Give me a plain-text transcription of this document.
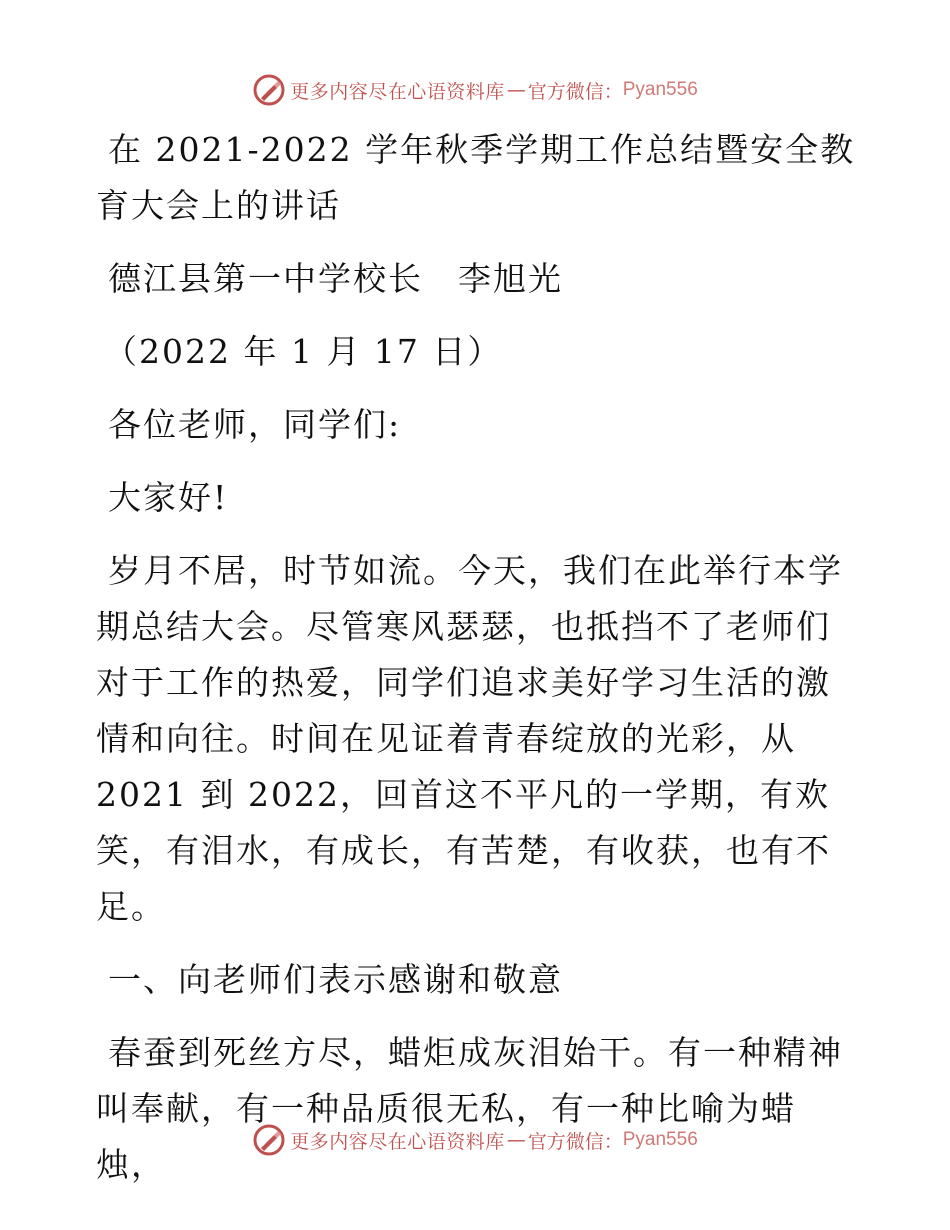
更多内容尽在心语资料库 — 官方微信： Pyan556

在 2021-2022 学年秋季学期工作总结暨安全教育大会上的讲话

德江县第一中学校长　李旭光

（2022 年 1 月 17 日）

各位老师，同学们:

大家好!

岁月不居，时节如流。今天，我们在此举行本学期总结大会。尽管寒风瑟瑟，也抵挡不了老师们对于工作的热爱，同学们追求美好学习生活的激情和向往。时间在见证着青春绽放的光彩，从 2021 到 2022，回首这不平凡的一学期，有欢笑，有泪水，有成长，有苦楚，有收获，也有不足。

一、向老师们表示感谢和敬意

春蚕到死丝方尽，蜡炬成灰泪始干。有一种精神叫奉献，有一种品质很无私，有一种比喻为蜡烛，

更多内容尽在心语资料库 — 官方微信： Pyan556
